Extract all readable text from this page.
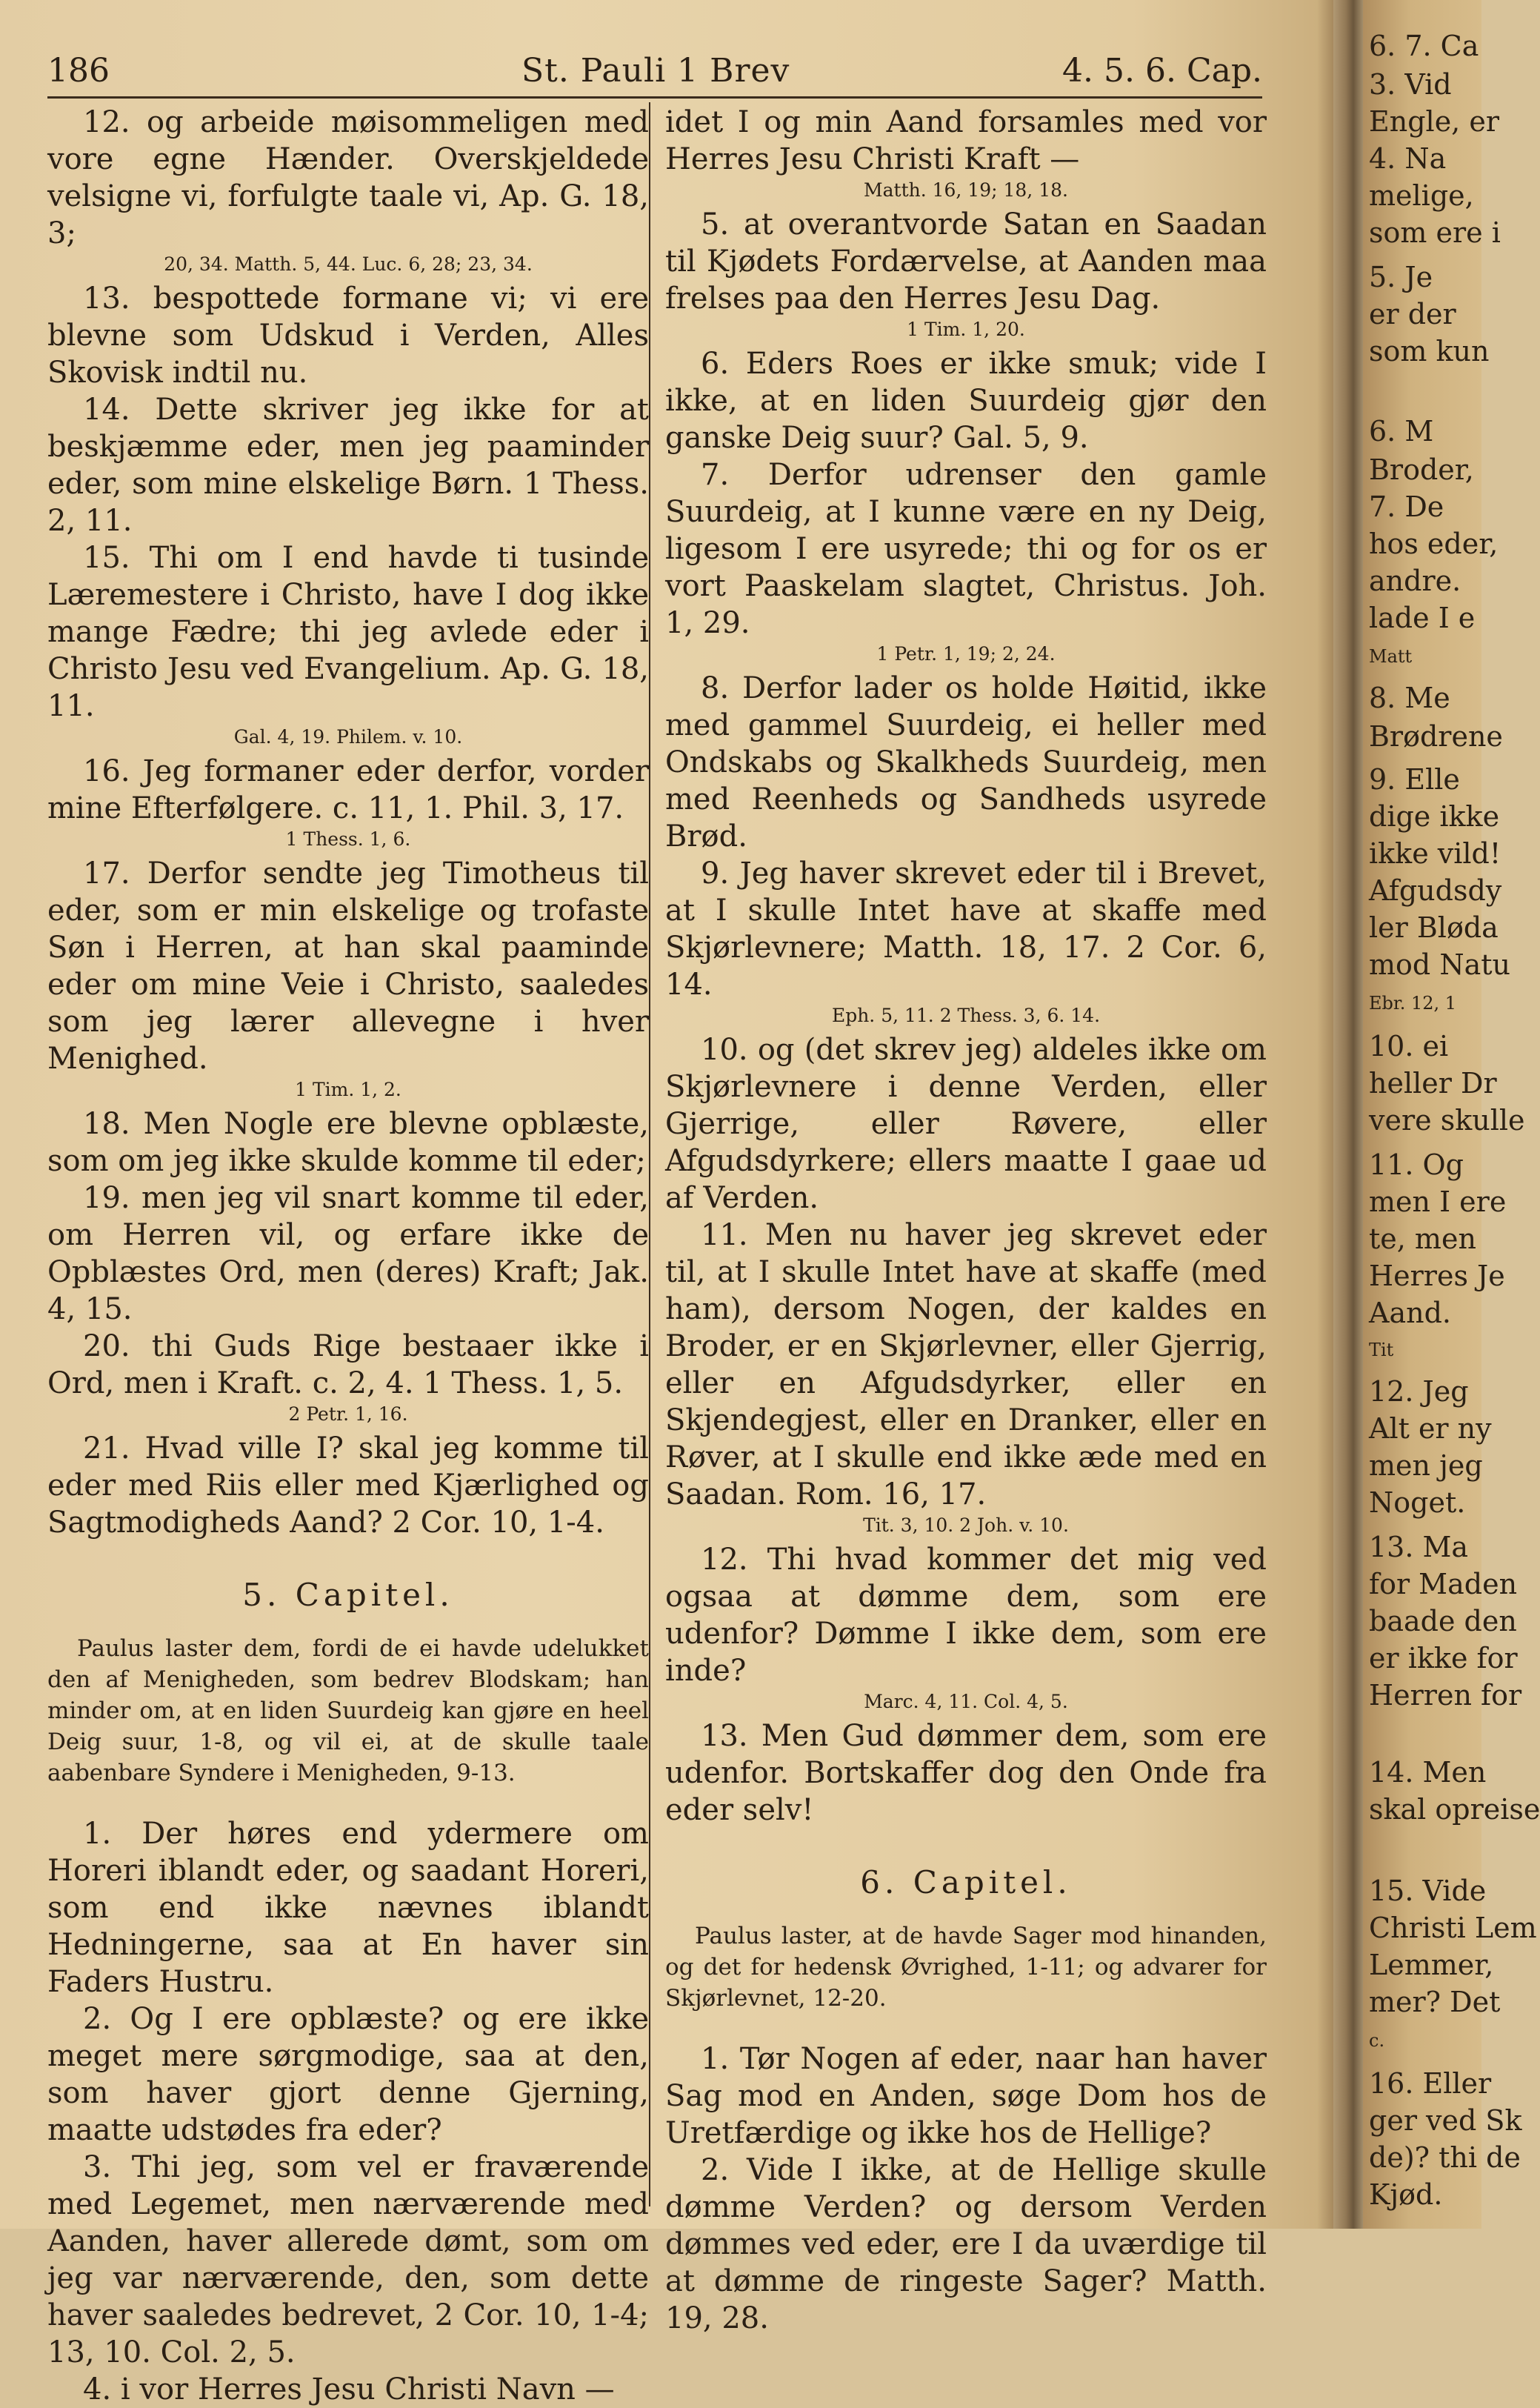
186	St. Pauli 1 Brev	4. 5. 6. Cap.

12. og arbeide møisommeligen med vore egne Hænder. Overskjeldede velsigne vi, forfulgte taale vi, Ap. G. 18, 3;

20, 34. Matth. 5, 44. Luc. 6, 28; 23, 34.

13. bespottede formane vi; vi ere blevne som Udskud i Verden, Alles Skovisk indtil nu.

14. Dette skriver jeg ikke for at beskjæmme eder, men jeg paaminder eder, som mine elskelige Børn. 1 Thess. 2, 11.

15. Thi om I end havde ti tusinde Læremestere i Christo, have I dog ikke mange Fædre; thi jeg avlede eder i Christo Jesu ved Evangelium. Ap. G. 18, 11.

Gal. 4, 19. Philem. v. 10.

16. Jeg formaner eder derfor, vorder mine Efterfølgere. c. 11, 1. Phil. 3, 17.

1 Thess. 1, 6.

17. Derfor sendte jeg Timotheus til eder, som er min elskelige og trofaste Søn i Herren, at han skal paaminde eder om mine Veie i Christo, saaledes som jeg lærer allevegne i hver Menighed.

1 Tim. 1, 2.

18. Men Nogle ere blevne opblæste, som om jeg ikke skulde komme til eder;

19. men jeg vil snart komme til eder, om Herren vil, og erfare ikke de Opblæstes Ord, men (deres) Kraft; Jak. 4, 15.

20. thi Guds Rige bestaaer ikke i Ord, men i Kraft. c. 2, 4. 1 Thess. 1, 5.

2 Petr. 1, 16.

21. Hvad ville I? skal jeg komme til eder med Riis eller med Kjærlighed og Sagtmodigheds Aand? 2 Cor. 10, 1-4.

5. Capitel.

Paulus laster dem, fordi de ei havde udelukket den af Menigheden, som bedrev Blodskam; han minder om, at en liden Suurdeig kan gjøre en heel Deig suur, 1-8, og vil ei, at de skulle taale aabenbare Syndere i Menigheden, 9-13.

1. Der høres end ydermere om Horeri iblandt eder, og saadant Horeri, som end ikke nævnes iblandt Hedningerne, saa at En haver sin Faders Hustru.

2. Og I ere opblæste? og ere ikke meget mere sørgmodige, saa at den, som haver gjort denne Gjerning, maatte udstødes fra eder?

3. Thi jeg, som vel er fraværende med Legemet, men nærværende med Aanden, haver allerede dømt, som om jeg var nærværende, den, som dette haver saaledes bedrevet, 2 Cor. 10, 1-4; 13, 10. Col. 2, 5.

4. i vor Herres Jesu Christi Navn —

idet I og min Aand forsamles med vor Herres Jesu Christi Kraft —

Matth. 16, 19; 18, 18.

5. at overantvorde Satan en Saadan til Kjødets Fordærvelse, at Aanden maa frelses paa den Herres Jesu Dag.

1 Tim. 1, 20.

6. Eders Roes er ikke smuk; vide I ikke, at en liden Suurdeig gjør den ganske Deig suur? Gal. 5, 9.

7. Derfor udrenser den gamle Suurdeig, at I kunne være en ny Deig, ligesom I ere usyrede; thi og for os er vort Paaskelam slagtet, Christus. Joh. 1, 29.

1 Petr. 1, 19; 2, 24.

8. Derfor lader os holde Høitid, ikke med gammel Suurdeig, ei heller med Ondskabs og Skalkheds Suurdeig, men med Reenheds og Sandheds usyrede Brød.

9. Jeg haver skrevet eder til i Brevet, at I skulle Intet have at skaffe med Skjørlevnere; Matth. 18, 17. 2 Cor. 6, 14.

Eph. 5, 11. 2 Thess. 3, 6. 14.

10. og (det skrev jeg) aldeles ikke om Skjørlevnere i denne Verden, eller Gjerrige, eller Røvere, eller Afgudsdyrkere; ellers maatte I gaae ud af Verden.

11. Men nu haver jeg skrevet eder til, at I skulle Intet have at skaffe (med ham), dersom Nogen, der kaldes en Broder, er en Skjørlevner, eller Gjerrig, eller en Afgudsdyrker, eller en Skjendegjest, eller en Dranker, eller en Røver, at I skulle end ikke æde med en Saadan. Rom. 16, 17.

Tit. 3, 10. 2 Joh. v. 10.

12. Thi hvad kommer det mig ved ogsaa at dømme dem, som ere udenfor? Dømme I ikke dem, som ere inde?

Marc. 4, 11. Col. 4, 5.

13. Men Gud dømmer dem, som ere udenfor. Bortskaffer dog den Onde fra eder selv!

6. Capitel.

Paulus laster, at de havde Sager mod hinanden, og det for hedensk Øvrighed, 1-11; og advarer for Skjørlevnet, 12-20.

1. Tør Nogen af eder, naar han haver Sag mod en Anden, søge Dom hos de Uretfærdige og ikke hos de Hellige?

2. Vide I ikke, at de Hellige skulle dømme Verden? og dersom Verden dømmes ved eder, ere I da uværdige til at dømme de ringeste Sager? Matth. 19, 28.

6. 7. Ca
3. Vid
Engle, er
4. Na
melige,
som ere i
5. Je
er der
som kun
6. M
Broder,
7. De
hos eder,
andre.
lade I e
Matt
8. Me
Brødrene
9. Elle
dige ikke
ikke vild!
Afgudsdy
ler Bløda
mod Natu
Ebr. 12, 1
10. ei
heller Dr
vere skulle
11. Og
men I ere
te, men
Herres Je
Aand.
Tit
12. Jeg
Alt er ny
men jeg
Noget.
13. Ma
for Maden
baade den
er ikke for
Herren for
14. Men
skal opreise
15. Vide
Christi Lem
Lemmer,
mer? Det
c.
16. Eller
ger ved Sk
de)? thi de
Kjød.
